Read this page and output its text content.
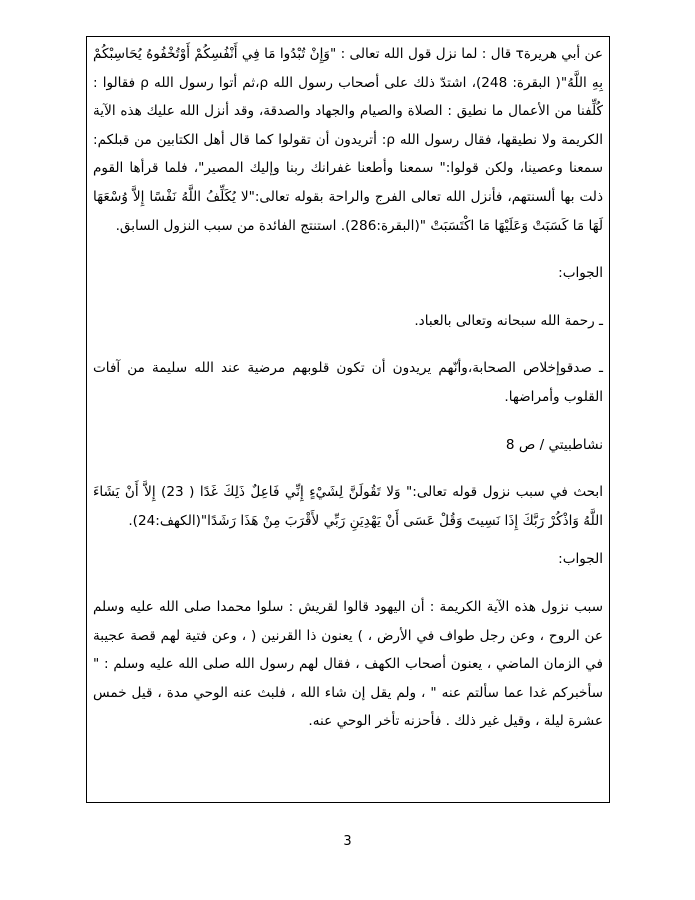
عن أبي هريرةτ قال : لما نزل قول الله تعالى : "وَإِنْ تُبْدُوا مَا فِي أَنْفُسِكُمْ أَوْتُخْفُوهُ يُحَاسِبْكُمْ بِهِ اللَّهُ"( البقرة: 248)، اشتدّ ذلك على أصحاب رسول الله ρ،ثم أتوا رسول الله ρ فقالوا : كُلِّفنا من الأعمال ما نطيق : الصلاة والصيام والجهاد والصدقة، وقد أنزل الله عليك هذه الآية الكريمة ولا نطيقها، فقال رسول الله ρ: أتريدون أن تقولوا كما قال أهل الكتابين من قبلكم: سمعنا وعصينا، ولكن قولوا:" سمعنا وأطعنا غفرانك ربنا وإليك المصير"، فلما قرأها القوم ذلت بها ألسنتهم، فأنزل الله تعالى الفرج والراحة بقوله تعالى:"لا يُكَلِّفُ اللَّهُ نَفْسًا إِلاَّ وُسْعَهَا لَهَا مَا كَسَبَتْ وَعَلَيْهَا مَا اكْتَسَبَتْ "(البقرة:286). استنتج الفائدة من سبب النزول السابق.

الجواب:

ـ رحمة الله سبحانه وتعالى بالعباد.

ـ صدقوإخلاص الصحابة،وأنّهم يريدون أن تكون قلوبهم مرضية عند الله سليمة من آفات القلوب وأمراضها.

نشاطبيتي / ص 8

ابحث في سبب نزول قوله تعالى:" وَلا تَقُولَنَّ لِشَيْءٍ إِنِّي فَاعِلٌ ذَلِكَ غَدًا ( 23) إِلاَّ أَنْ يَشَاءَ اللَّهُ وَاذْكُرْ رَبَّكَ إِذَا نَسِيتَ وَقُلْ عَسَى أَنْ يَهْدِيَنِ رَبِّي لأَقْرَبَ مِنْ هَذَا رَشَدًا"(الكهف:24).

الجواب:

سبب نزول هذه الآية الكريمة : أن اليهود قالوا لقريش : سلوا محمدا صلى الله عليه وسلم عن الروح ، وعن رجل طواف في الأرض ، ) يعنون ذا القرنين ( ، وعن فتية لهم قصة عجيبة في الزمان الماضي ، يعنون أصحاب الكهف ، فقال لهم رسول الله صلى الله عليه وسلم : " سأخبركم غدا عما سألتم عنه " ، ولم يقل إن شاء الله ، فلبث عنه الوحي مدة ، قيل خمس عشرة ليلة ، وقيل غير ذلك . فأحزنه تأخر الوحي عنه.

3
